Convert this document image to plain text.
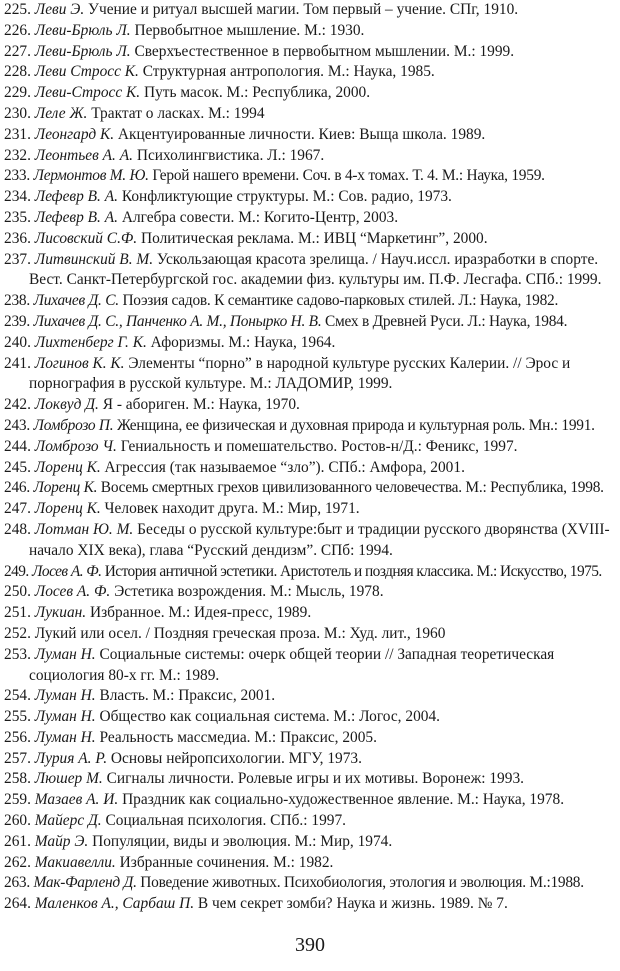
225. Леви Э. Учение и ритуал высшей магии. Том первый – учение. СПг, 1910.
226. Леви-Брюль Л. Первобытное мышление. М.: 1930.
227. Леви-Брюль Л. Сверхъестественное в первобытном мышлении. М.: 1999.
228. Леви Стросс К. Структурная антропология. М.: Наука, 1985.
229. Леви-Стросс К. Путь масок. М.: Республика, 2000.
230. Леле Ж. Трактат о ласках. М.: 1994
231. Леонгард К. Акцентуированные личности. Киев: Выща школа. 1989.
232. Леонтьев А. А. Психолингвистика. Л.: 1967.
233. Лермонтов М. Ю. Герой нашего времени. Соч. в 4-х томах. Т. 4. М.: Наука, 1959.
234. Лефевр В. А. Конфликтующие структуры. М.: Сов. радио, 1973.
235. Лефевр В. А. Алгебра совести. М.: Когито-Центр, 2003.
236. Лисовский С.Ф. Политическая реклама. М.: ИВЦ “Маркетинг”, 2000.
237. Литвинский В. М. Ускользающая красота зрелища. / Науч.иссл. иразработки в спорте. Вест. Санкт-Петербургской гос. академии физ. культуры им. П.Ф. Лесгафа. СПб.: 1999.
238. Лихачев Д. С. Поэзия садов. К семантике садово-парковых стилей. Л.: Наука, 1982.
239. Лихачев Д. С., Панченко А. М., Понырко Н. В. Смех в Древней Руси. Л.: Наука, 1984.
240. Лихтенберг Г. К. Афоризмы. М.: Наука, 1964.
241. Логинов К. К. Элементы “порно” в народной культуре русских Калерии. // Эрос и порнография в русской культуре. М.: ЛАДОМИР, 1999.
242. Локвуд Д. Я - абориген. М.: Наука, 1970.
243. Ломброзо П. Женщина, ее физическая и духовная природа и культурная роль. Мн.: 1991.
244. Ломброзо Ч. Гениальность и помешательство. Ростов-н/Д.: Феникс, 1997.
245. Лоренц К. Агрессия (так называемое “зло”). СПб.: Амфора, 2001.
246. Лоренц К. Восемь смертных грехов цивилизованного человечества. М.: Республика, 1998.
247. Лоренц К. Человек находит друга. М.: Мир, 1971.
248. Лотман Ю. М. Беседы о русской культуре:быт и традиции русского дворянства (XVIII-начало XIX века), глава “Русский дендизм”. СПб: 1994.
249. Лосев А. Ф. История античной эстетики. Аристотель и поздняя классика. М.: Искусство, 1975.
250. Лосев А. Ф. Эстетика возрождения. М.: Мысль, 1978.
251. Лукиан. Избранное. М.: Идея-пресс, 1989.
252. Лукий или осел. / Поздняя греческая проза. М.: Худ. лит., 1960
253. Луман Н. Социальные системы: очерк общей теории // Западная теоретическая социология 80-х гг. М.: 1989.
254. Луман Н. Власть. М.: Праксис, 2001.
255. Луман Н. Общество как социальная система. М.: Логос, 2004.
256. Луман Н. Реальность массмедиа. М.: Праксис, 2005.
257. Лурия А. Р. Основы нейропсихологии. МГУ, 1973.
258. Люшер М. Сигналы личности. Ролевые игры и их мотивы. Воронеж: 1993.
259. Мазаев А. И. Праздник как социально-художественное явление. М.: Наука, 1978.
260. Майерс Д. Социальная психология. СПб.: 1997.
261. Майр Э. Популяции, виды и эволюция. М.: Мир, 1974.
262. Макиавелли. Избранные сочинения. М.: 1982.
263. Мак-Фарленд Д. Поведение животных. Психобиология, этология и эволюция. М.:1988.
264. Маленков А., Сарбаш П. В чем секрет зомби? Наука и жизнь. 1989. № 7.
390
